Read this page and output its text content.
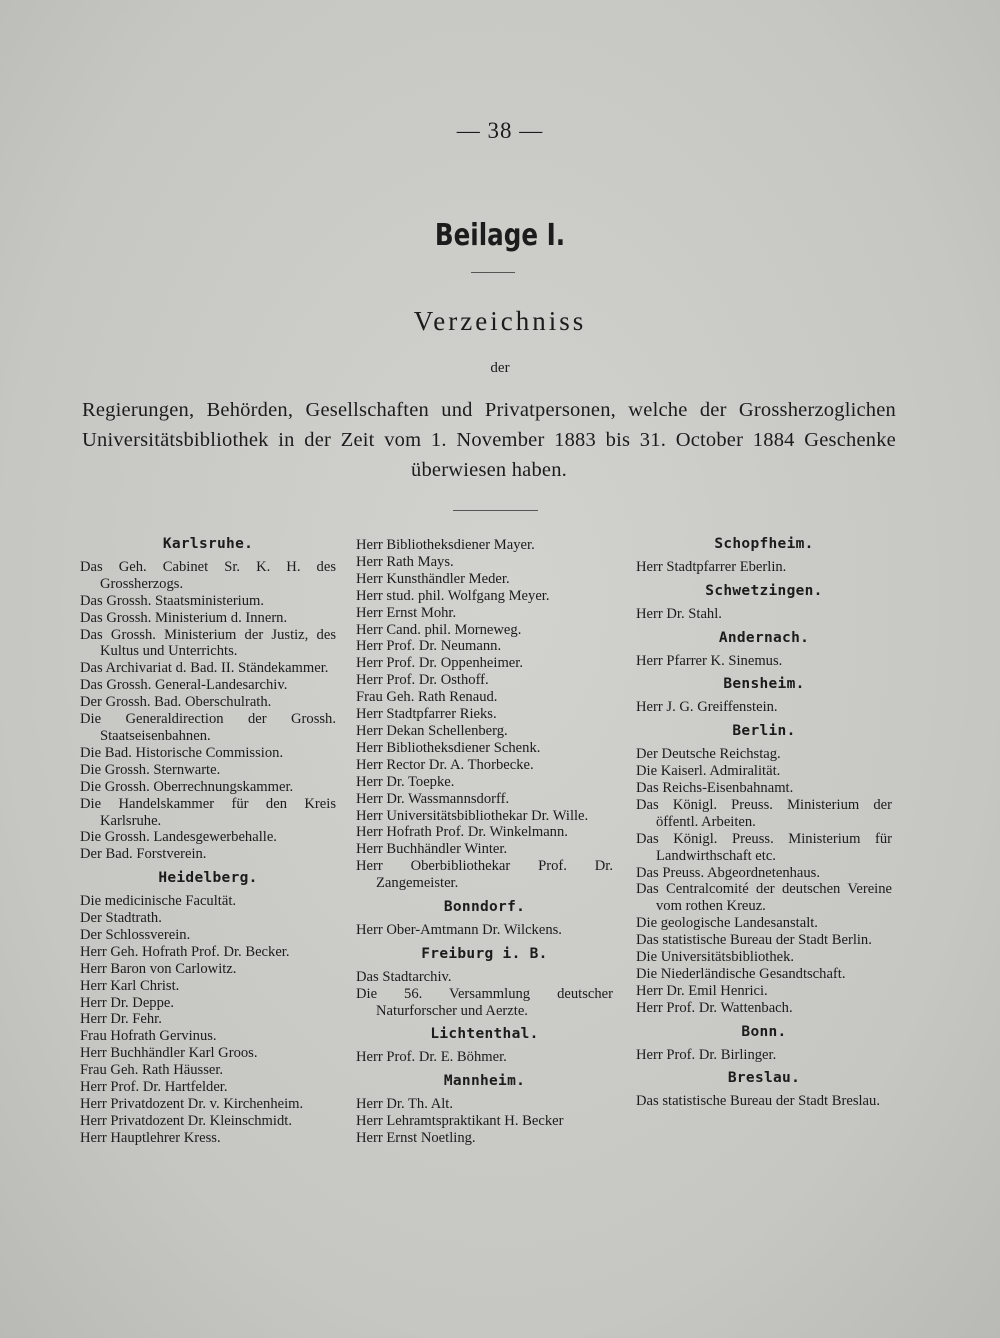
— 38 —
Beilage I.
Verzeichniss
der
Regierungen, Behörden, Gesellschaften und Privatpersonen, welche der Grossherzoglichen Universitätsbibliothek in der Zeit vom 1. November 1883 bis 31. October 1884 Geschenke überwiesen haben.
Karlsruhe.
Das Geh. Cabinet Sr. K. H. des Grossherzogs.
Das Grossh. Staatsministerium.
Das Grossh. Ministerium d. Innern.
Das Grossh. Ministerium der Justiz, des Kultus und Unterrichts.
Das Archivariat d. Bad. II. Ständekammer.
Das Grossh. General-Landesarchiv.
Der Grossh. Bad. Oberschulrath.
Die Generaldirection der Grossh. Staatseisenbahnen.
Die Bad. Historische Commission.
Die Grossh. Sternwarte.
Die Grossh. Oberrechnungskammer.
Die Handelskammer für den Kreis Karlsruhe.
Die Grossh. Landesgewerbehalle.
Der Bad. Forstverein.
Heidelberg.
Die medicinische Facultät.
Der Stadtrath.
Der Schlossverein.
Herr Geh. Hofrath Prof. Dr. Becker.
Herr Baron von Carlowitz.
Herr Karl Christ.
Herr Dr. Deppe.
Herr Dr. Fehr.
Frau Hofrath Gervinus.
Herr Buchhändler Karl Groos.
Frau Geh. Rath Häusser.
Herr Prof. Dr. Hartfelder.
Herr Privatdozent Dr. v. Kirchenheim.
Herr Privatdozent Dr. Kleinschmidt.
Herr Hauptlehrer Kress.
Herr Bibliotheksdiener Mayer.
Herr Rath Mays.
Herr Kunsthändler Meder.
Herr stud. phil. Wolfgang Meyer.
Herr Ernst Mohr.
Herr Cand. phil. Morneweg.
Herr Prof. Dr. Neumann.
Herr Prof. Dr. Oppenheimer.
Herr Prof. Dr. Osthoff.
Frau Geh. Rath Renaud.
Herr Stadtpfarrer Rieks.
Herr Dekan Schellenberg.
Herr Bibliotheksdiener Schenk.
Herr Rector Dr. A. Thorbecke.
Herr Dr. Toepke.
Herr Dr. Wassmannsdorff.
Herr Universitätsbibliothekar Dr. Wille.
Herr Hofrath Prof. Dr. Winkelmann.
Herr Buchhändler Winter.
Herr Oberbibliothekar Prof. Dr. Zangemeister.
Bonndorf.
Herr Ober-Amtmann Dr. Wilckens.
Freiburg i. B.
Das Stadtarchiv.
Die 56. Versammlung deutscher Naturforscher und Aerzte.
Lichtenthal.
Herr Prof. Dr. E. Böhmer.
Mannheim.
Herr Dr. Th. Alt.
Herr Lehramtspraktikant H. Becker
Herr Ernst Noetling.
Schopfheim.
Herr Stadtpfarrer Eberlin.
Schwetzingen.
Herr Dr. Stahl.
Andernach.
Herr Pfarrer K. Sinemus.
Bensheim.
Herr J. G. Greiffenstein.
Berlin.
Der Deutsche Reichstag.
Die Kaiserl. Admiralität.
Das Reichs-Eisenbahnamt.
Das Königl. Preuss. Ministerium der öffentl. Arbeiten.
Das Königl. Preuss. Ministerium für Landwirthschaft etc.
Das Preuss. Abgeordnetenhaus.
Das Centralcomité der deutschen Vereine vom rothen Kreuz.
Die geologische Landesanstalt.
Das statistische Bureau der Stadt Berlin.
Die Universitätsbibliothek.
Die Niederländische Gesandtschaft.
Herr Dr. Emil Henrici.
Herr Prof. Dr. Wattenbach.
Bonn.
Herr Prof. Dr. Birlinger.
Breslau.
Das statistische Bureau der Stadt Breslau.
